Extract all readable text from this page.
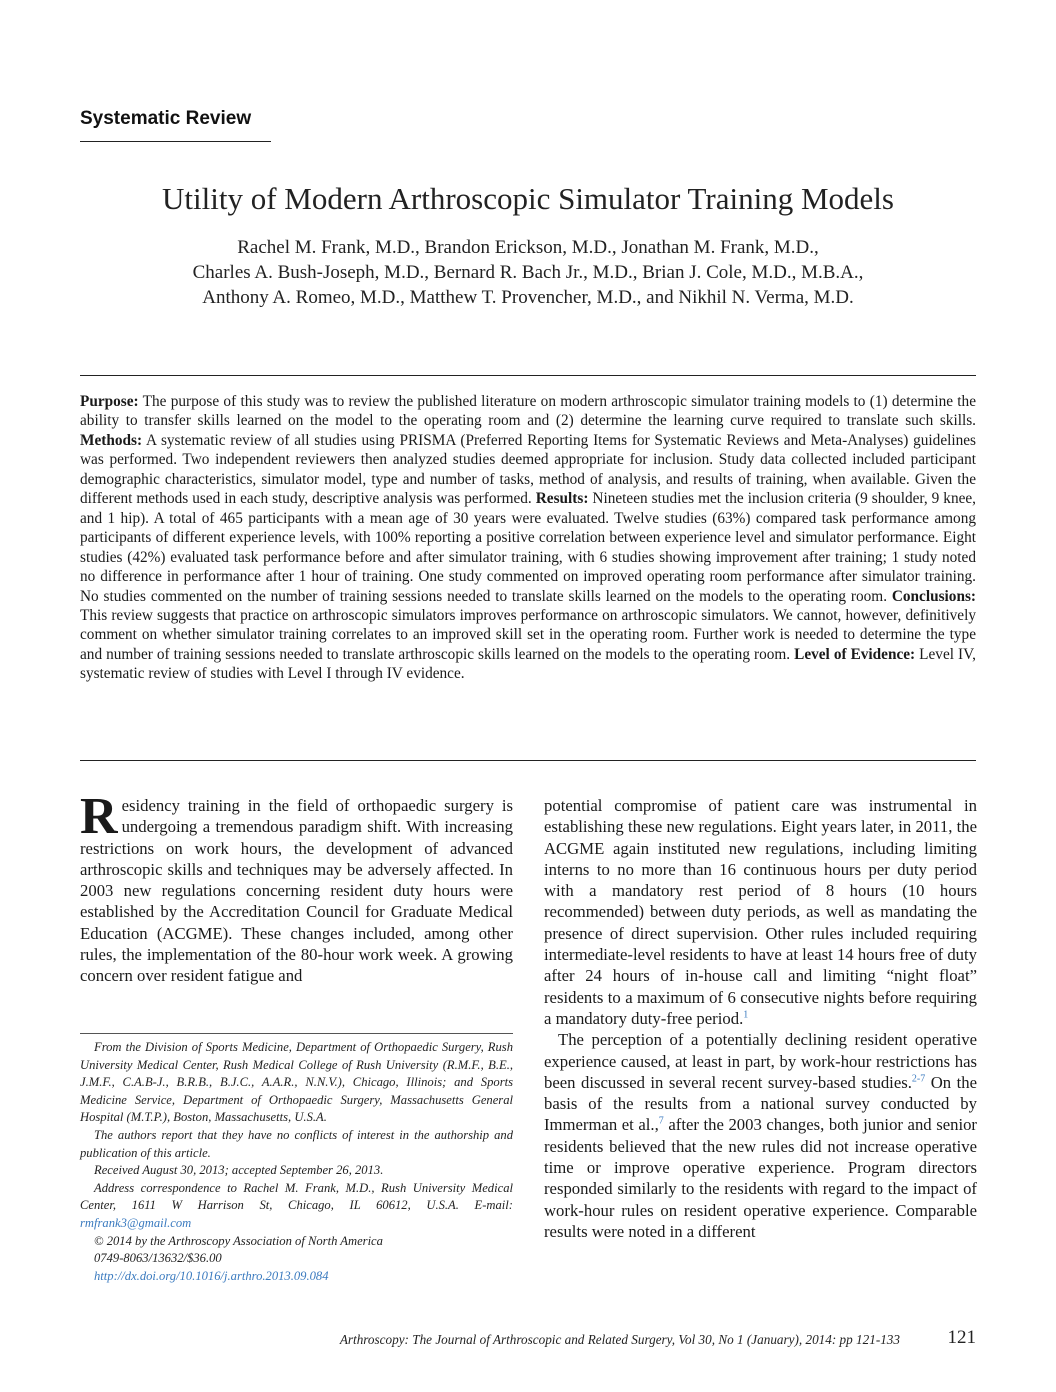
Systematic Review
Utility of Modern Arthroscopic Simulator Training Models
Rachel M. Frank, M.D., Brandon Erickson, M.D., Jonathan M. Frank, M.D.,
Charles A. Bush-Joseph, M.D., Bernard R. Bach Jr., M.D., Brian J. Cole, M.D., M.B.A.,
Anthony A. Romeo, M.D., Matthew T. Provencher, M.D., and Nikhil N. Verma, M.D.
Purpose: The purpose of this study was to review the published literature on modern arthroscopic simulator training models to (1) determine the ability to transfer skills learned on the model to the operating room and (2) determine the learning curve required to translate such skills. Methods: A systematic review of all studies using PRISMA (Preferred Reporting Items for Systematic Reviews and Meta-Analyses) guidelines was performed. Two independent reviewers then analyzed studies deemed appropriate for inclusion. Study data collected included participant demographic characteristics, simulator model, type and number of tasks, method of analysis, and results of training, when available. Given the different methods used in each study, descriptive analysis was performed. Results: Nineteen studies met the inclusion criteria (9 shoulder, 9 knee, and 1 hip). A total of 465 participants with a mean age of 30 years were evaluated. Twelve studies (63%) compared task performance among participants of different experience levels, with 100% reporting a positive correlation between experience level and simulator performance. Eight studies (42%) evaluated task performance before and after simulator training, with 6 studies showing improvement after training; 1 study noted no difference in performance after 1 hour of training. One study commented on improved operating room performance after simulator training. No studies commented on the number of training sessions needed to translate skills learned on the models to the operating room. Conclusions: This review suggests that practice on arthroscopic simulators improves performance on arthroscopic simulators. We cannot, however, definitively comment on whether simulator training correlates to an improved skill set in the operating room. Further work is needed to determine the type and number of training sessions needed to translate arthroscopic skills learned on the models to the operating room. Level of Evidence: Level IV, systematic review of studies with Level I through IV evidence.

Residency training in the field of orthopaedic surgery is undergoing a tremendous paradigm shift. With increasing restrictions on work hours, the development of advanced arthroscopic skills and techniques may be adversely affected. In 2003 new regulations concerning resident duty hours were established by the Accreditation Council for Graduate Medical Education (ACGME). These changes included, among other rules, the implementation of the 80-hour work week. A growing concern over resident fatigue and

From the Division of Sports Medicine, Department of Orthopaedic Surgery, Rush University Medical Center, Rush Medical College of Rush University (R.M.F., B.E., J.M.F., C.A.B-J., B.R.B., B.J.C., A.A.R., N.N.V.), Chicago, Illinois; and Sports Medicine Service, Department of Orthopaedic Surgery, Massachusetts General Hospital (M.T.P.), Boston, Massachusetts, U.S.A.

The authors report that they have no conflicts of interest in the authorship and publication of this article.

Received August 30, 2013; accepted September 26, 2013.

Address correspondence to Rachel M. Frank, M.D., Rush University Medical Center, 1611 W Harrison St, Chicago, IL 60612, U.S.A. E-mail: rmfrank3@gmail.com

© 2014 by the Arthroscopy Association of North America

0749-8063/13632/$36.00

http://dx.doi.org/10.1016/j.arthro.2013.09.084

potential compromise of patient care was instrumental in establishing these new regulations. Eight years later, in 2011, the ACGME again instituted new regulations, including limiting interns to no more than 16 continuous hours per duty period with a mandatory rest period of 8 hours (10 hours recommended) between duty periods, as well as mandating the presence of direct supervision. Other rules included requiring intermediate-level residents to have at least 14 hours free of duty after 24 hours of in-house call and limiting “night float” residents to a maximum of 6 consecutive nights before requiring a mandatory duty-free period.$^1$

The perception of a potentially declining resident operative experience caused, at least in part, by work-hour restrictions has been discussed in several recent survey-based studies.$^{2-7}$ On the basis of the results from a national survey conducted by Immerman et al.,$^7$ after the 2003 changes, both junior and senior residents believed that the new rules did not increase operative time or improve operative experience. Program directors responded similarly to the residents with regard to the impact of work-hour rules on resident operative experience. Comparable results were noted in a different

Arthroscopy: The Journal of Arthroscopic and Related Surgery, Vol 30, No 1 (January), 2014: pp 121-133	121
